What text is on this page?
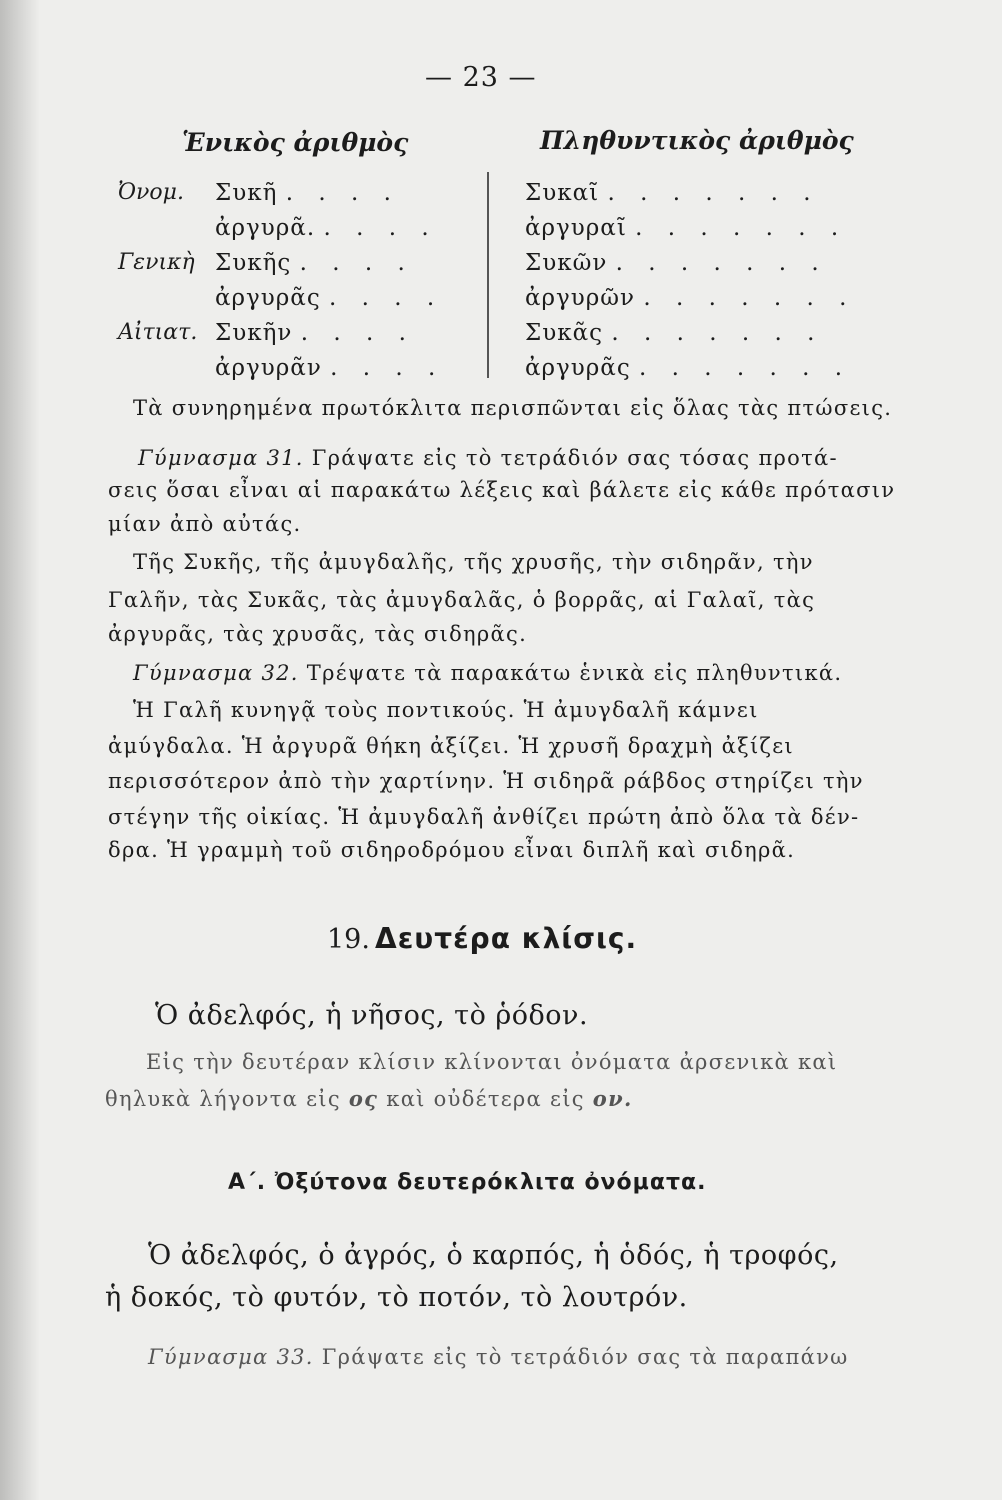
— 23 —
Ἑνικὸς ἀριθμὸς	Πληθυντικὸς ἀριθμὸς
Ὀνομ.
Γενικὴ
Αἰτιατ.
Συκῆ . . . .
ἀργυρᾶ. . . . .
Συκῆς . . . .
ἀργυρᾶς . . . .
Συκῆν . . . .
ἀργυρᾶν . . . .
Συκαῖ . . . . . . .
ἀργυραῖ . . . . . . .
Συκῶν . . . . . . .
ἀργυρῶν . . . . . . .
Συκᾶς . . . . . . .
ἀργυρᾶς . . . . . . .
Τὰ συνηρημένα πρωτόκλιτα περισπῶνται εἰς ὅλας τὰς πτώσεις.
Γύμνασμα 31. Γράψατε εἰς τὸ τετράδιόν σας τόσας προτά-
σεις ὅσαι εἶναι αἱ παρακάτω λέξεις καὶ βάλετε εἰς κάθε πρότασιν
μίαν ἀπὸ αὐτάς.
Τῆς Συκῆς, τῆς ἀμυγδαλῆς, τῆς χρυσῆς, τὴν σιδηρᾶν, τὴν
Γαλῆν, τὰς Συκᾶς, τὰς ἀμυγδαλᾶς, ὁ βορρᾶς, αἱ Γαλαῖ, τὰς
ἀργυρᾶς, τὰς χρυσᾶς, τὰς σιδηρᾶς.
Γύμνασμα 32. Τρέψατε τὰ παρακάτω ἑνικὰ εἰς πληθυντικά.
Ἡ Γαλῆ κυνηγᾷ τοὺς ποντικούς. Ἡ ἀμυγδαλῆ κάμνει
ἀμύγδαλα. Ἡ ἀργυρᾶ θήκη ἀξίζει. Ἡ χρυσῆ δραχμὴ ἀξίζει
περισσότερον ἀπὸ τὴν χαρτίνην. Ἡ σιδηρᾶ ράβδος στηρίζει τὴν
στέγην τῆς οἰκίας. Ἡ ἀμυγδαλῆ ἀνθίζει πρώτη ἀπὸ ὅλα τὰ δέν-
δρα. Ἡ γραμμὴ τοῦ σιδηροδρόμου εἶναι διπλῆ καὶ σιδηρᾶ.
19. Δευτέρα κλίσις.
Ὁ ἀδελφός, ἡ νῆσος, τὸ ῥόδον.
Εἰς τὴν δευτέραν κλίσιν κλίνονται ὀνόματα ἀρσενικὰ καὶ
θηλυκὰ λήγοντα εἰς ος καὶ οὐδέτερα εἰς ον.
Α΄. Ὀξύτονα δευτερόκλιτα ὀνόματα.
Ὁ ἀδελφός, ὁ ἀγρός, ὁ καρπός, ἡ ὁδός, ἡ τροφός,
ἡ δοκός, τὸ φυτόν, τὸ ποτόν, τὸ λουτρόν.
Γύμνασμα 33. Γράψατε εἰς τὸ τετράδιόν σας τὰ παραπάνω
